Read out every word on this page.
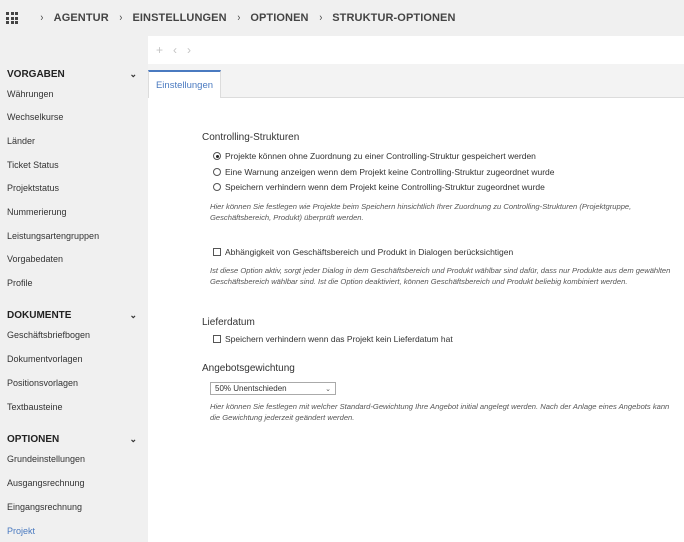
› AGENTUR › EINSTELLUNGEN › OPTIONEN › STRUKTUR-OPTIONEN
VORGABEN	⌄
Währungen
Wechselkurse
Länder
Ticket Status
Projektstatus
Nummerierung
Leistungsartengruppen
Vorgabedaten
Profile
DOKUMENTE	⌄
Geschäftsbriefbogen
Dokumentvorlagen
Positionsvorlagen
Textbausteine
OPTIONEN	⌄
Grundeinstellungen
Ausgangsrechnung
Eingangsrechnung
Projekt
+ ‹ ›
Einstellungen
Controlling-Strukturen
Projekte können ohne Zuordnung zu einer Controlling-Struktur gespeichert werden
Eine Warnung anzeigen wenn dem Projekt keine Controlling-Struktur zugeordnet wurde
Speichern verhindern wenn dem Projekt keine Controlling-Struktur zugeordnet wurde
Hier können Sie festlegen wie Projekte beim Speichern hinsichtlich Ihrer Zuordnung zu Controlling-Strukturen (Projektgruppe, Geschäftsbereich, Produkt) überprüft werden.
Abhängigkeit von Geschäftsbereich und Produkt in Dialogen berücksichtigen
Ist diese Option aktiv, sorgt jeder Dialog in dem Geschäftsbereich und Produkt wählbar sind dafür, dass nur Produkte aus dem gewählten Geschäftsbereich wählbar sind. Ist die Option deaktiviert, können Geschäftsbereich und Produkt beliebig kombiniert werden.
Lieferdatum
Speichern verhindern wenn das Projekt kein Lieferdatum hat
Angebotsgewichtung
50% Unentschieden	⌄
Hier können Sie festlegen mit welcher Standard-Gewichtung Ihre Angebot initial angelegt werden. Nach der Anlage eines Angebots kann die Gewichtung jederzeit geändert werden.
